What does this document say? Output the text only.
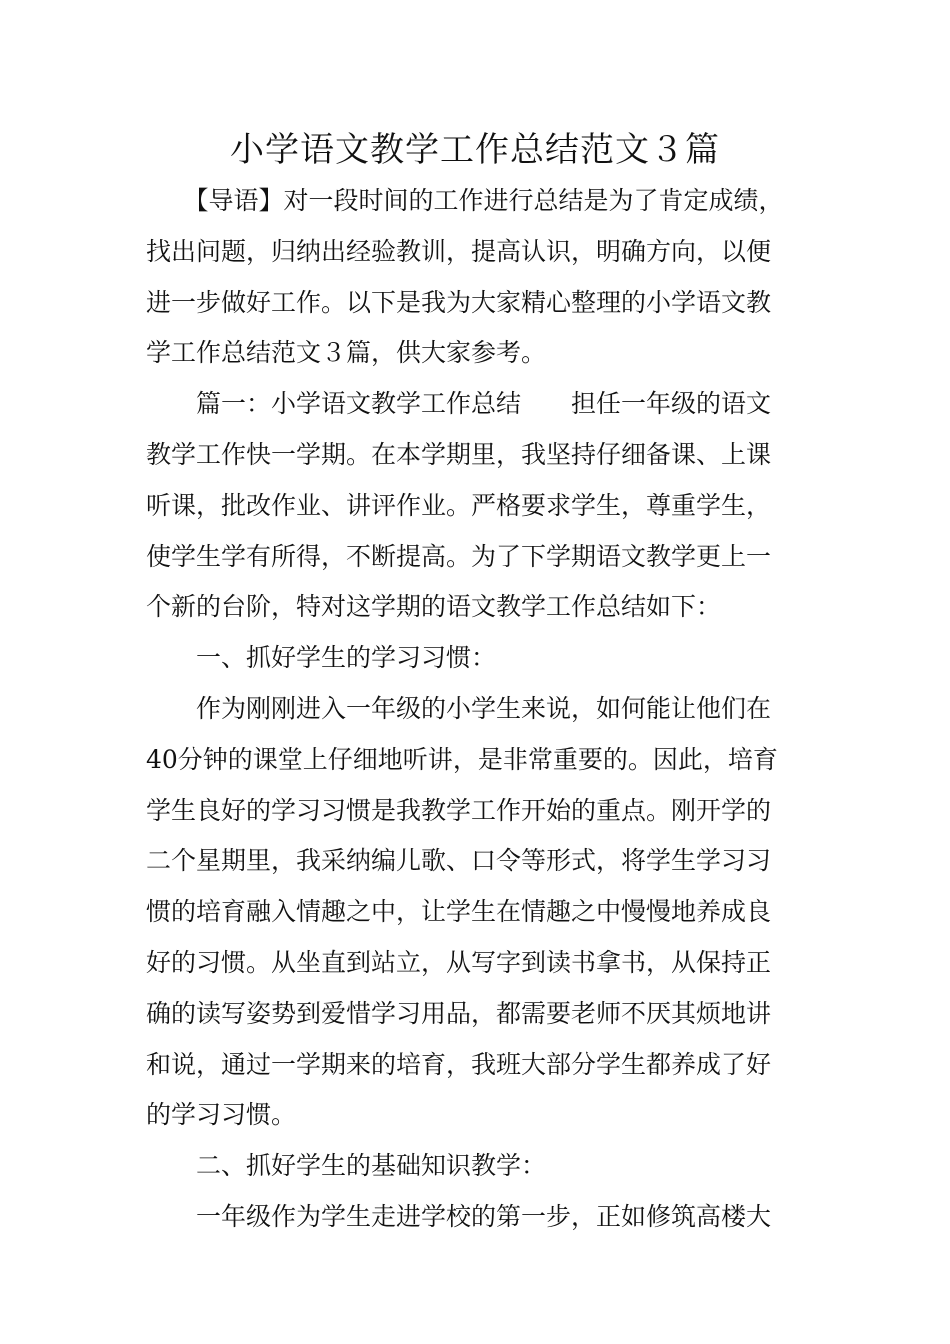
小学语文教学工作总结范文３篇
　　【导语】对一段时间的工作进行总结是为了肯定成绩，
找出问题，归纳出经验教训，提高认识，明确方向，以便
进一步做好工作。以下是我为大家精心整理的小学语文教
学工作总结范文３篇，供大家参考。
　　篇一：小学语文教学工作总结　　担任一年级的语文
教学工作快一学期。在本学期里，我坚持仔细备课、上课
听课，批改作业、讲评作业。严格要求学生，尊重学生，
使学生学有所得，不断提高。为了下学期语文教学更上一
个新的台阶，特对这学期的语文教学工作总结如下：
　　一、抓好学生的学习习惯：
　　作为刚刚进入一年级的小学生来说，如何能让他们在
40分钟的课堂上仔细地听讲，是非常重要的。因此，培育
学生良好的学习习惯是我教学工作开始的重点。刚开学的
二个星期里，我采纳编儿歌、口令等形式，将学生学习习
惯的培育融入情趣之中，让学生在情趣之中慢慢地养成良
好的习惯。从坐直到站立，从写字到读书拿书，从保持正
确的读写姿势到爱惜学习用品，都需要老师不厌其烦地讲
和说，通过一学期来的培育，我班大部分学生都养成了好
的学习习惯。
　　二、抓好学生的基础知识教学：
　　一年级作为学生走进学校的第一步，正如修筑高楼大
